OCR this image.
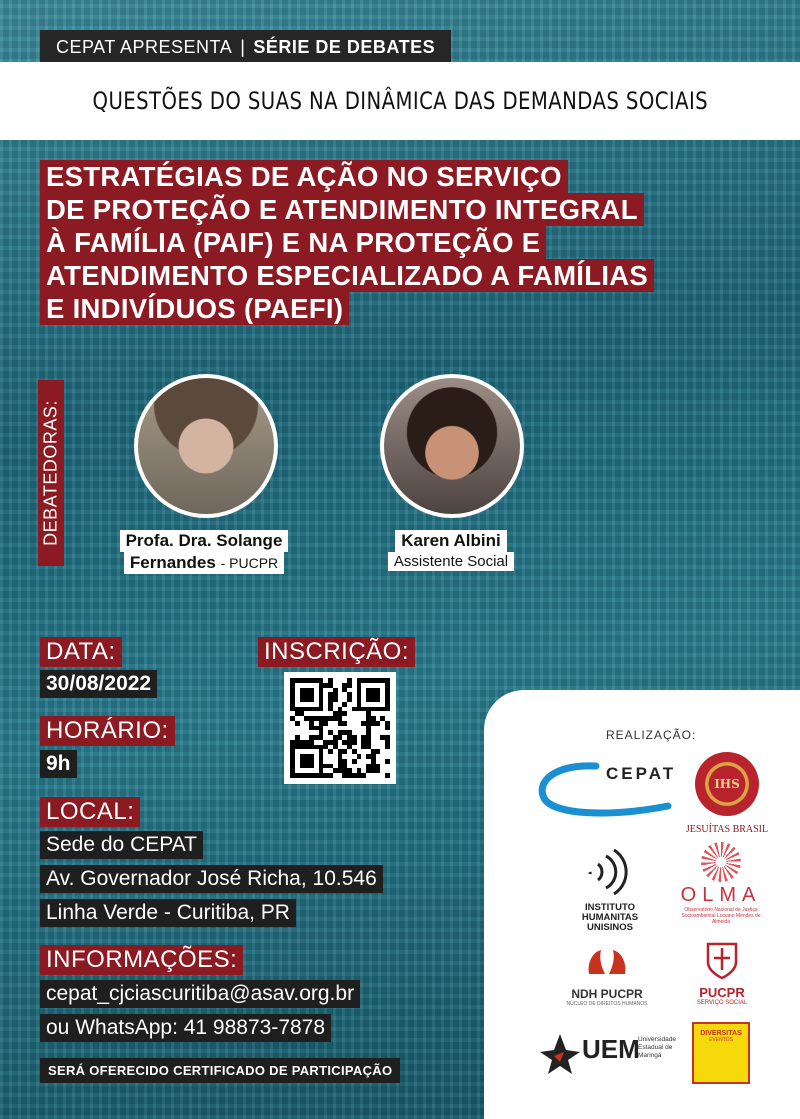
CEPAT APRESENTA | SÉRIE DE DEBATES
QUESTÕES DO SUAS NA DINÂMICA DAS DEMANDAS SOCIAIS
ESTRATÉGIAS DE AÇÃO NO SERVIÇO
DE PROTEÇÃO E ATENDIMENTO INTEGRAL
À FAMÍLIA (PAIF) E NA PROTEÇÃO E
ATENDIMENTO ESPECIALIZADO A FAMÍLIAS
E INDIVÍDUOS (PAEFI)
DEBATEDORAS:	Profa. Dra. Solange
Fernandes - PUCPR
Karen Albini
Assistente Social
DATA:
30/08/2022
INSCRIÇÃO:
HORÁRIO:
9h
LOCAL:
Sede do CEPAT
Av. Governador José Richa, 10.546
Linha Verde - Curitiba, PR
INFORMAÇÕES:
cepat_cjciascuritiba@asav.org.br
ou WhatsApp: 41 98873-7878
SERÁ OFERECIDO CERTIFICADO DE PARTICIPAÇÃO
REALIZAÇÃO:
CEPAT
IHS
JESUÍTAS BRASIL
INSTITUTO
HUMANITAS
UNISINOS
OLMA
Observatório Nacional de Justiça Socioambiental Luciano Mendes de Almeida
NDH PUCPR
NÚCLEO DE DIREITOS HUMANOS
PUCPR
SERVIÇO SOCIAL
UEM
Universidade Estadual de Maringá
DIVERSITAS
EVENTOS
